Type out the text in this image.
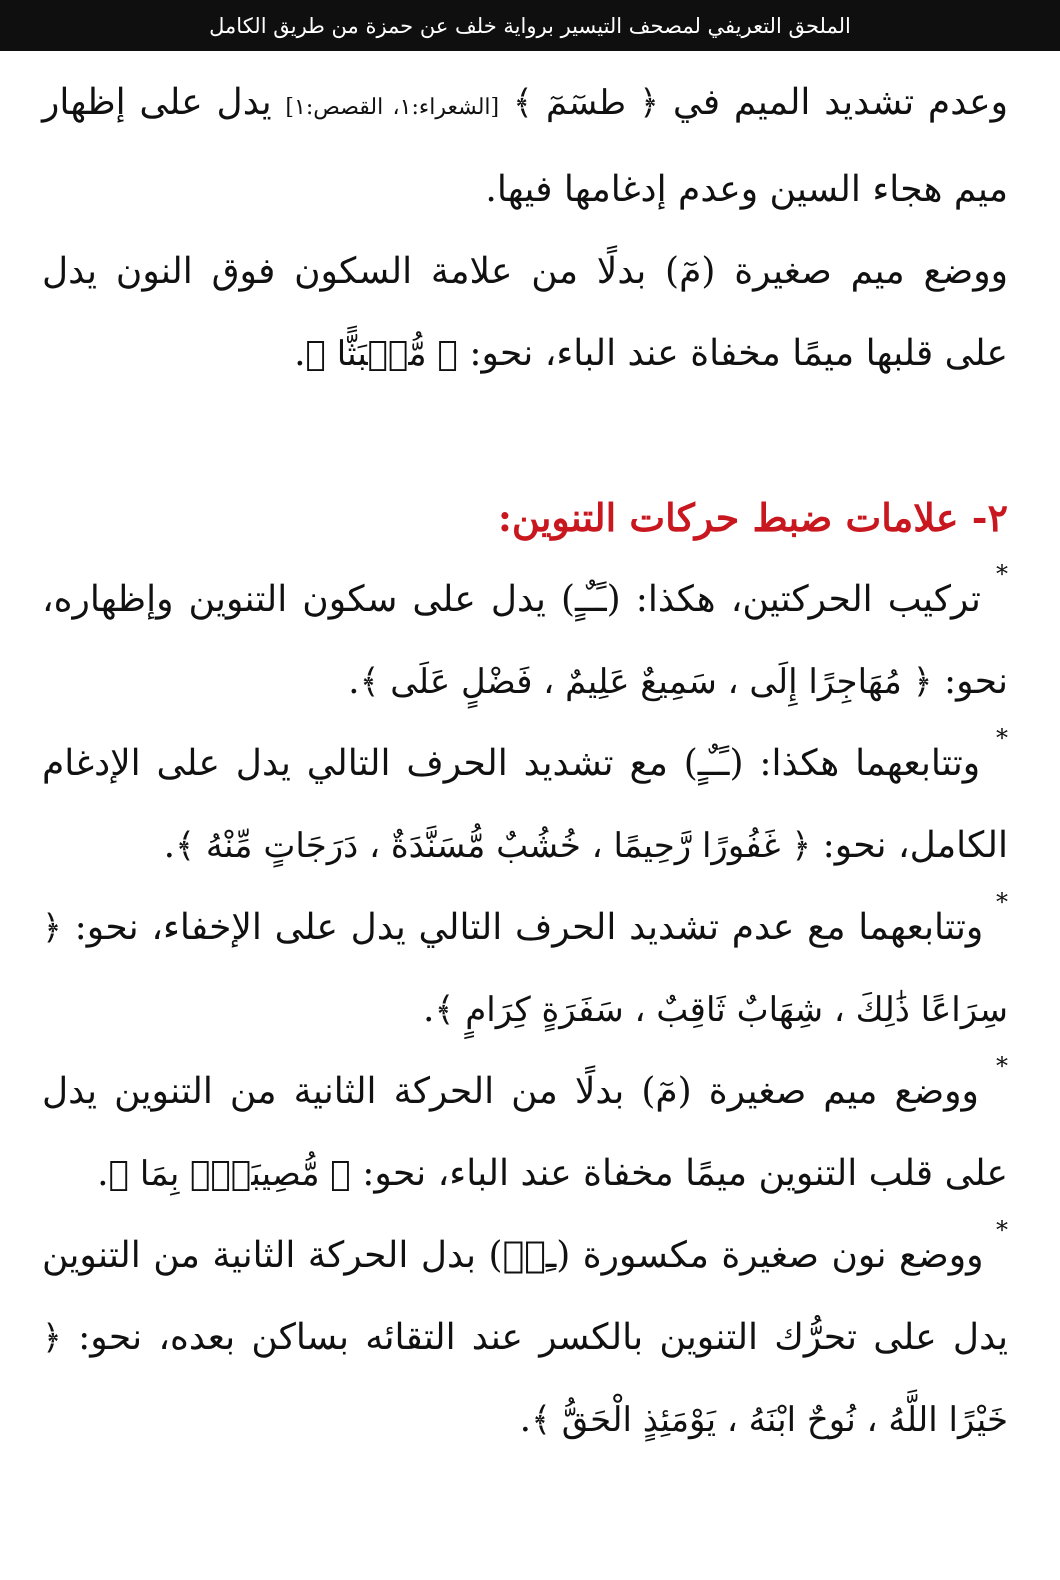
الملحق التعريفي لمصحف التيسير برواية خلف عن حمزة من طريق الكامل

وعدم تشديد الميم في ﴿ طسٓمٓ ﴾ [الشعراء:١، القصص:١] يدل على إظهار ميم هجاء السين وعدم إدغامها فيها.

ووضع ميم صغيرة (مٓ) بدلًا من علامة السكون فوق النون يدل على قلبها ميمًا مخفاة عند الباء، نحو: ﴿ مُّنۢبَثًّا ﴾.

٢- علامات ضبط حركات التنوين:

* تركيب الحركتين، هكذا: (ـًـٌـٍ) يدل على سكون التنوين وإظهاره، نحو: ﴿ مُهَاجِرًا إِلَى ، سَمِيعٌ عَلِيمٌ ، فَضْلٍ عَلَى ﴾.

* وتتابعهما هكذا: (ـًـٌـٍ) مع تشديد الحرف التالي يدل على الإدغام الكامل، نحو: ﴿ غَفُورًا رَّحِيمًا ، خُشُبٌ مُّسَنَّدَةٌ ، دَرَجَاتٍ مِّنْهُ ﴾.

* وتتابعهما مع عدم تشديد الحرف التالي يدل على الإخفاء، نحو: ﴿ سِرَاعًا ذَٰلِكَ ، شِهَابٌ ثَاقِبٌ ، سَفَرَةٍ كِرَامٍ ﴾.

* ووضع ميم صغيرة (مٓ) بدلًا من الحركة الثانية من التنوين يدل على قلب التنوين ميمًا مخفاة عند الباء، نحو: ﴿ مُّصِيبَةٌۢ بِمَا ﴾.

* ووضع نون صغيرة مكسورة (ـِنۡ) بدل الحركة الثانية من التنوين يدل على تحرُّك التنوين بالكسر عند التقائه بساكن بعده، نحو: ﴿ خَيْرًا اللَّهُ ، نُوحٌ ابْنَهُ ، يَوْمَئِذٍ الْحَقُّ ﴾.
